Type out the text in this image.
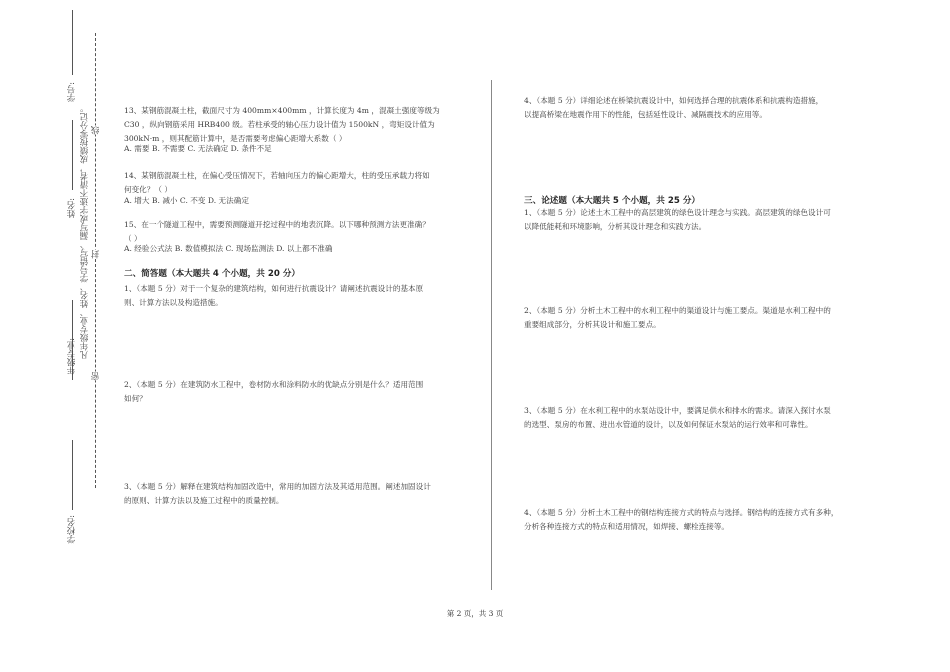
学校名:
年级专业:
姓名:
学号:
凡年级专业、姓名、学号错写、漏写或字迹不清者，成绩按零分记。
密
封
线
13、某钢筋混凝土柱，截面尺寸为 400mm×400mm ，计算长度为 4m ，混凝土强度等级为
C30 ，纵向钢筋采用 HRB400 级。若柱承受的轴心压力设计值为 1500kN ，弯矩设计值为
300kN·m ，则其配筋计算中，是否需要考虑偏心距增大系数（ ）
A. 需要 B. 不需要 C. 无法确定 D. 条件不足
14、某钢筋混凝土柱，在偏心受压情况下，若轴向压力的偏心距增大，柱的受压承载力将如
何变化？（ ）
A. 增大 B. 减小 C. 不变 D. 无法确定
15、在一个隧道工程中，需要预测隧道开挖过程中的地表沉降。以下哪种预测方法更准确？
（ ）
A. 经验公式法 B. 数值模拟法 C. 现场监测法 D. 以上都不准确
二、简答题（本大题共 4 个小题，共 20 分）
1、（本题 5 分）对于一个复杂的建筑结构，如何进行抗震设计？请阐述抗震设计的基本原
则、计算方法以及构造措施。
2、（本题 5 分）在建筑防水工程中，卷材防水和涂料防水的优缺点分别是什么？适用范围
如何？
3、（本题 5 分）解释在建筑结构加固改造中，常用的加固方法及其适用范围。阐述加固设计
的原则、计算方法以及施工过程中的质量控制。
4、（本题 5 分）详细论述在桥梁抗震设计中，如何选择合理的抗震体系和抗震构造措施，
以提高桥梁在地震作用下的性能，包括延性设计、减隔震技术的应用等。
三、论述题（本大题共 5 个小题，共 25 分）
1、（本题 5 分）论述土木工程中的高层建筑的绿色设计理念与实践。高层建筑的绿色设计可
以降低能耗和环境影响，分析其设计理念和实践方法。
2、（本题 5 分）分析土木工程中的水利工程中的渠道设计与施工要点。渠道是水利工程中的
重要组成部分，分析其设计和施工要点。
3、（本题 5 分）在水利工程中的水泵站设计中，要满足供水和排水的需求。请深入探讨水泵
的选型、泵房的布置、进出水管道的设计，以及如何保证水泵站的运行效率和可靠性。
4、（本题 5 分）分析土木工程中的钢结构连接方式的特点与选择。钢结构的连接方式有多种，
分析各种连接方式的特点和适用情况，如焊接、螺栓连接等。
第 2 页，共 3 页
